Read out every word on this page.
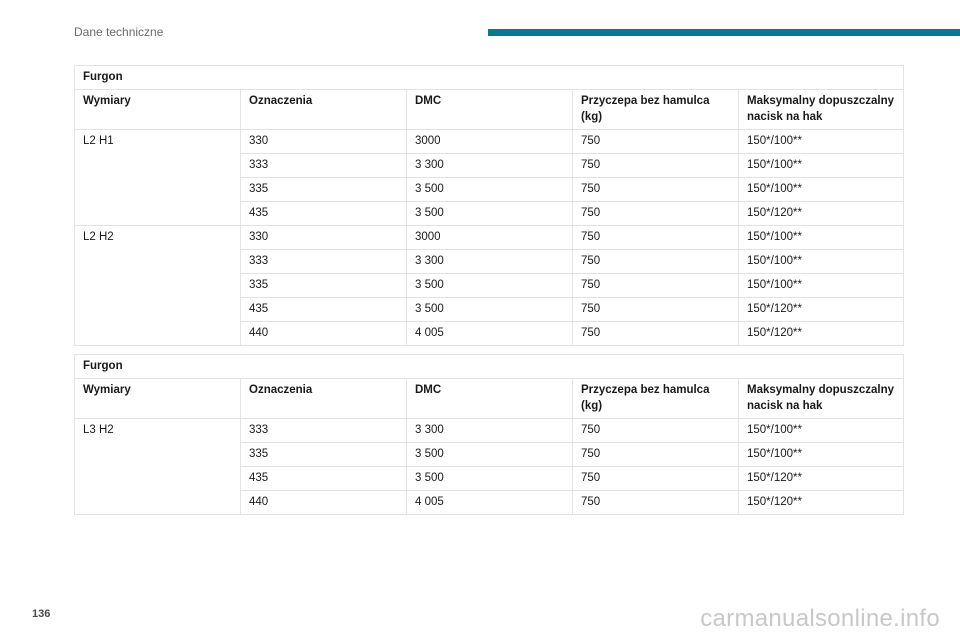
Dane techniczne
Furgon				
Wymiary	Oznaczenia	DMC	Przyczepa bez hamulca (kg)	Maksymalny dopuszczalny nacisk na hak
L2 H1	330	3000	750	150*/100**
	333	3 300	750	150*/100**
	335	3 500	750	150*/100**
	435	3 500	750	150*/120**
L2 H2	330	3000	750	150*/100**
	333	3 300	750	150*/100**
	335	3 500	750	150*/100**
	435	3 500	750	150*/120**
	440	4 005	750	150*/120**
Furgon				
Wymiary	Oznaczenia	DMC	Przyczepa bez hamulca (kg)	Maksymalny dopuszczalny nacisk na hak
L3 H2	333	3 300	750	150*/100**
	335	3 500	750	150*/100**
	435	3 500	750	150*/120**
	440	4 005	750	150*/120**
136	carmanualsonline.info
